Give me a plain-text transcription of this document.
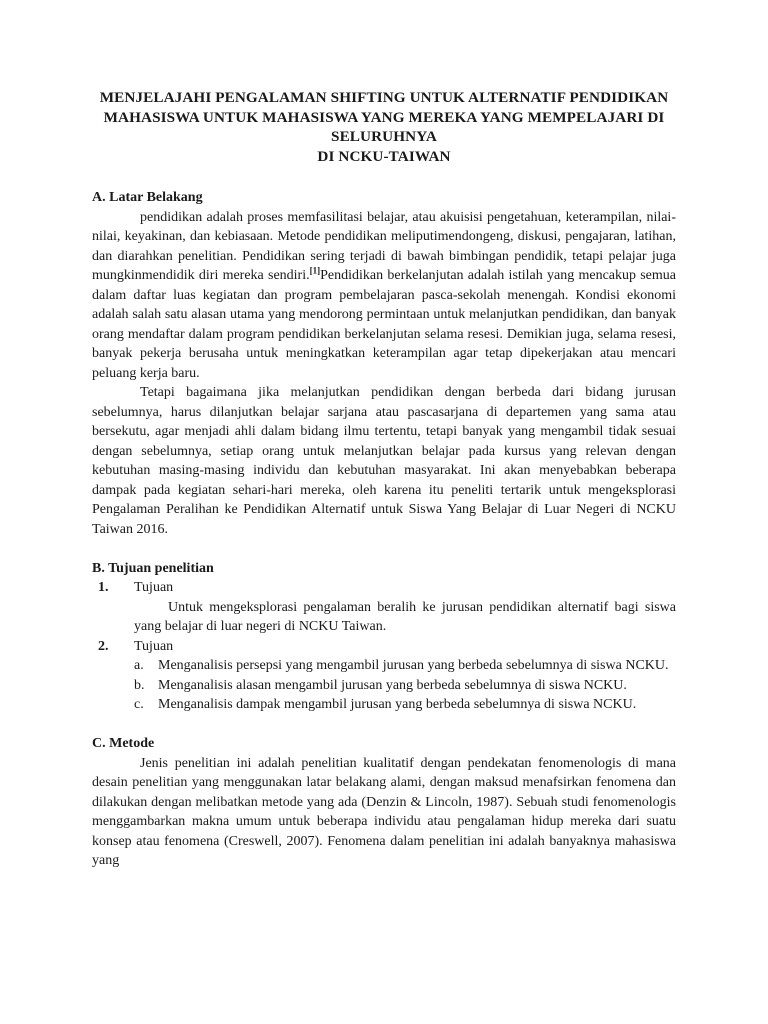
MENJELAJAHI PENGALAMAN SHIFTING UNTUK ALTERNATIF PENDIDIKAN
MAHASISWA UNTUK MAHASISWA YANG MEREKA YANG MEMPELAJARI DI
SELURUHNYA
DI NCKU-TAIWAN

A. Latar Belakang

pendidikan adalah proses memfasilitasi belajar, atau akuisisi pengetahuan, keterampilan, nilai-nilai, keyakinan, dan kebiasaan. Metode pendidikan meliputimendongeng, diskusi, pengajaran, latihan, dan diarahkan penelitian. Pendidikan sering terjadi di bawah bimbingan pendidik, tetapi pelajar juga mungkinmendidik diri mereka sendiri.[1]Pendidikan berkelanjutan adalah istilah yang mencakup semua dalam daftar luas kegiatan dan program pembelajaran pasca-sekolah menengah. Kondisi ekonomi adalah salah satu alasan utama yang mendorong permintaan untuk melanjutkan pendidikan, dan banyak orang mendaftar dalam program pendidikan berkelanjutan selama resesi. Demikian juga, selama resesi, banyak pekerja berusaha untuk meningkatkan keterampilan agar tetap dipekerjakan atau mencari peluang kerja baru.

Tetapi bagaimana jika melanjutkan pendidikan dengan berbeda dari bidang jurusan sebelumnya, harus dilanjutkan belajar sarjana atau pascasarjana di departemen yang sama atau bersekutu, agar menjadi ahli dalam bidang ilmu tertentu, tetapi banyak yang mengambil tidak sesuai dengan sebelumnya, setiap orang untuk melanjutkan belajar pada kursus yang relevan dengan kebutuhan masing-masing individu dan kebutuhan masyarakat. Ini akan menyebabkan beberapa dampak pada kegiatan sehari-hari mereka, oleh karena itu peneliti tertarik untuk mengeksplorasi Pengalaman Peralihan ke Pendidikan Alternatif untuk Siswa Yang Belajar di Luar Negeri di NCKU Taiwan 2016.

B. Tujuan penelitian

1.	Tujuan
Untuk mengeksplorasi pengalaman beralih ke jurusan pendidikan alternatif bagi siswa yang belajar di luar negeri di NCKU Taiwan.
2.	Tujuan
a.	Menganalisis persepsi yang mengambil jurusan yang berbeda sebelumnya di siswa NCKU.
b. Menganalisis alasan mengambil jurusan yang berbeda sebelumnya di siswa NCKU.
c.	Menganalisis dampak mengambil jurusan yang berbeda sebelumnya di siswa NCKU.

C. Metode

Jenis penelitian ini adalah penelitian kualitatif dengan pendekatan fenomenologis di mana desain penelitian yang menggunakan latar belakang alami, dengan maksud menafsirkan fenomena dan dilakukan dengan melibatkan metode yang ada (Denzin & Lincoln, 1987). Sebuah studi fenomenologis menggambarkan makna umum untuk beberapa individu atau pengalaman hidup mereka dari suatu konsep atau fenomena (Creswell, 2007). Fenomena dalam penelitian ini adalah banyaknya mahasiswa yang
